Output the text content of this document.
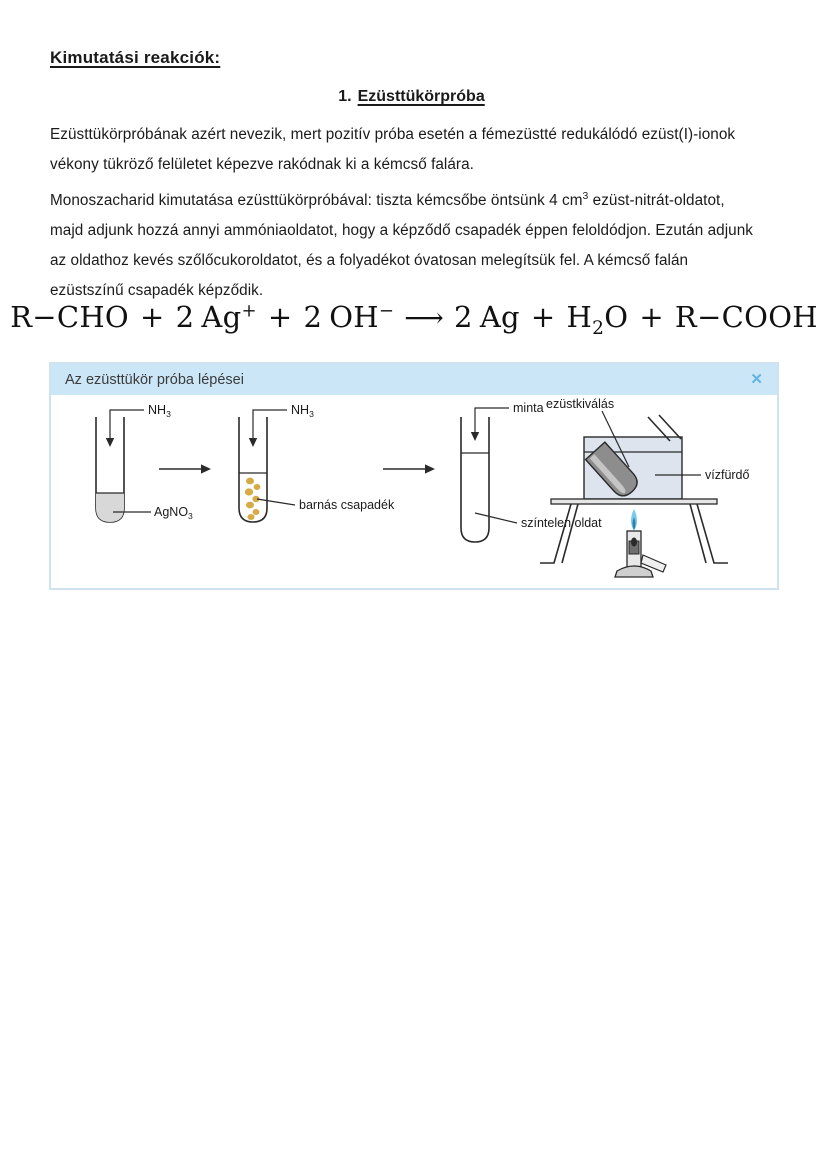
Kimutatási reakciók:
1. Ezüsttükörpróba
Ezüsttükörpróbának azért nevezik, mert pozitív próba esetén a fémezüstté redukálódó ezüst(I)-ionok vékony tükröző felületet képezve rakódnak ki a kémcső falára.
Monoszacharid kimutatása ezüsttükörpróbával: tiszta kémcsőbe öntsünk 4 $cm^3$ ezüst-nitrát-oldatot, majd adjunk hozzá annyi ammóniaoldatot, hogy a képződő csapadék éppen feloldódjon. Ezután adjunk az oldathoz kevés szőlőcukoroldatot, és a folyadékot óvatosan melegítsük fel. A kémcső falán ezüstszínű csapadék képződik.
R−CHO + 2 Ag+ + 2 OH− ⟶ 2 $Ag + H_2O$ + R−COOH
Az ezüsttükör próba lépései	✕
$NH_3$
AgNO$_3$
$NH_3$
barnás csapadék
minta
színtelen oldat
ezüstkiválás
vízfürdő
